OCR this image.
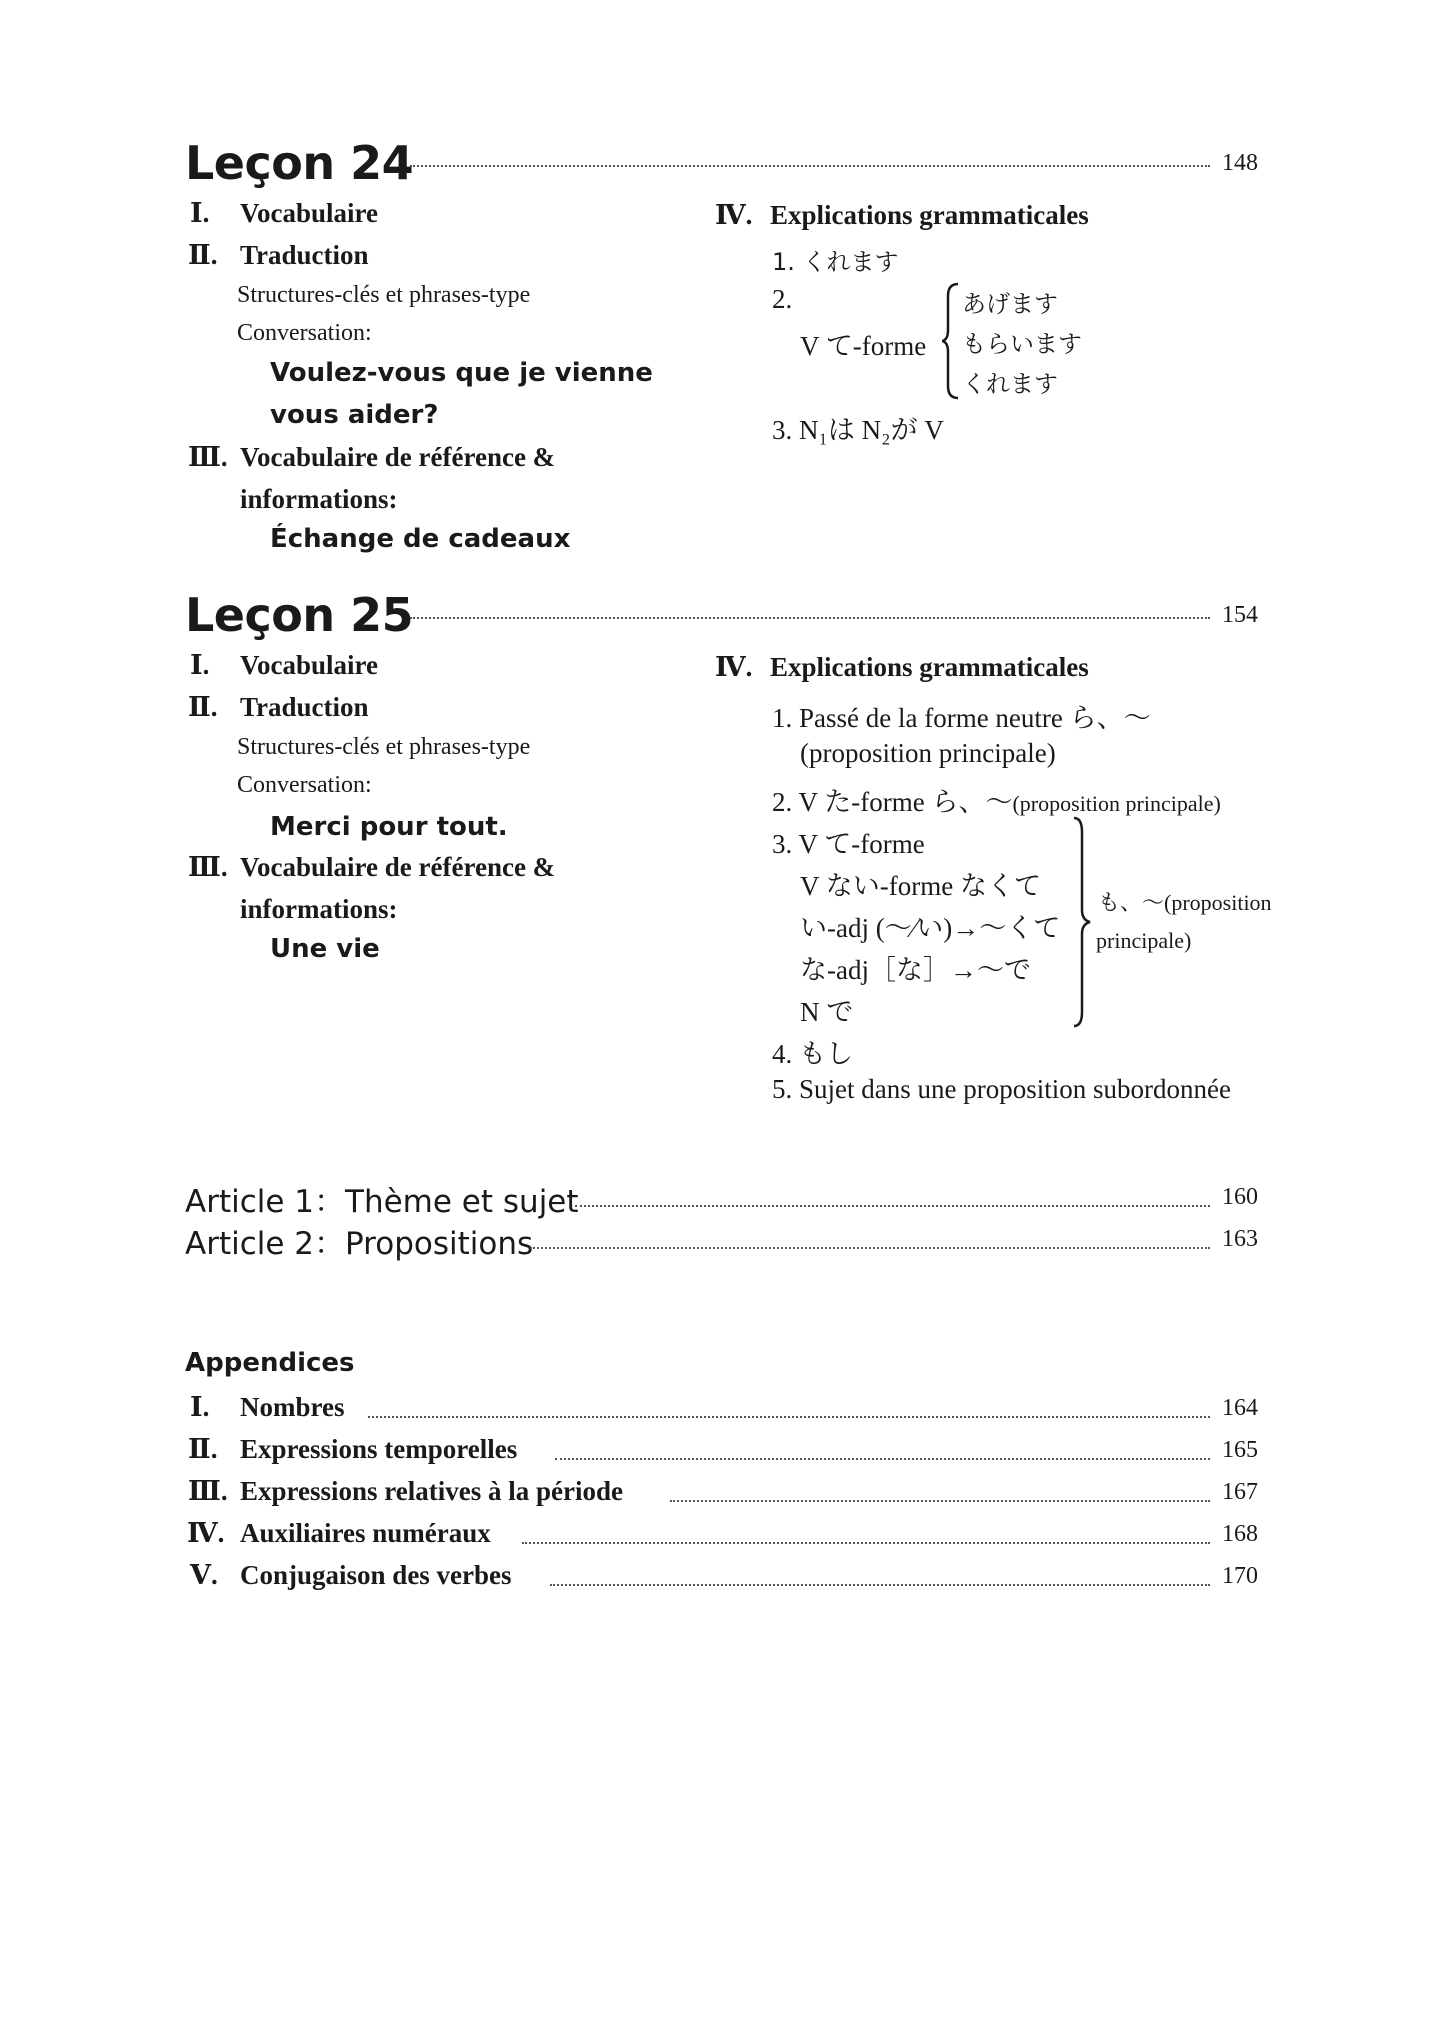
Leçon 24	148
Ⅰ. Vocabulaire
Ⅱ. Traduction
Structures-clés et phrases-type
Conversation:
Voulez-vous que je vienne
vous aider?
Ⅲ. Vocabulaire de référence &
informations:
Échange de cadeaux
Ⅳ. Explications grammaticales
1. くれます
2.
V て-forme
あげます
もらいます
くれます
3. N₁は N₂が V
Leçon 25	154
Ⅰ. Vocabulaire
Ⅱ. Traduction
Structures-clés et phrases-type
Conversation:
Merci pour tout.
Ⅲ. Vocabulaire de référence &
informations:
Une vie
Ⅳ. Explications grammaticales
1. Passé de la forme neutre ら、～
(proposition principale)
2. V た-forme ら、～(proposition principale)
3. V て-forme
V ない-forme なくて
い-adj (～⁄い)→～くて
な-adj［な］→～で
N で
も、～(proposition
principale)
4. もし
5. Sujet dans une proposition subordonnée
Article 1：Thème et sujet	160
Article 2：Propositions	163
Appendices
Ⅰ. Nombres	164
Ⅱ. Expressions temporelles	165
Ⅲ. Expressions relatives à la période	167
Ⅳ. Auxiliaires numéraux	168
Ⅴ. Conjugaison des verbes	170
